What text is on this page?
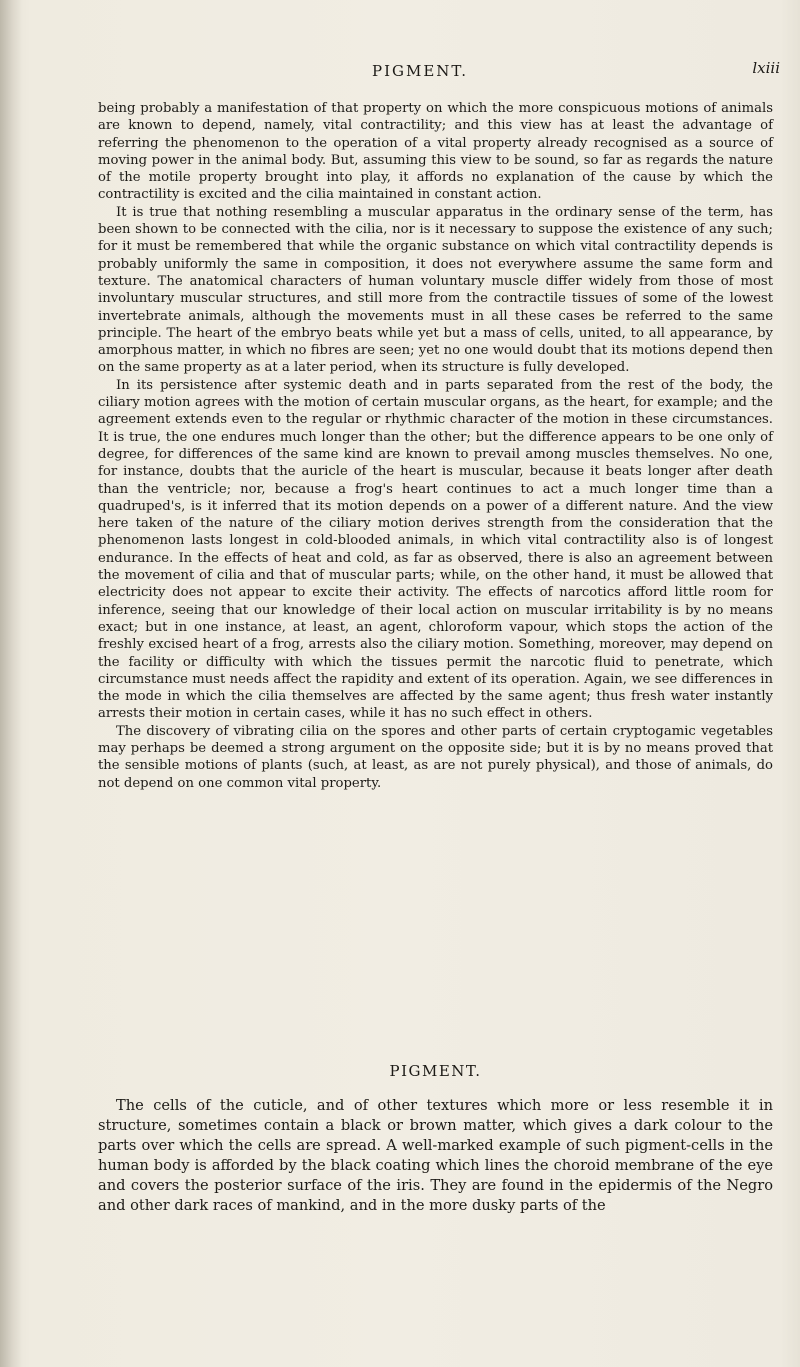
PIGMENT.	lxiii

being probably a manifestation of that property on which the more conspicuous motions of animals are known to depend, namely, vital contractility; and this view has at least the advantage of referring the phenomenon to the operation of a vital property already recognised as a source of moving power in the animal body. But, assuming this view to be sound, so far as regards the nature of the motile property brought into play, it affords no explanation of the cause by which the contractility is excited and the cilia maintained in constant action.

It is true that nothing resembling a muscular apparatus in the ordinary sense of the term, has been shown to be connected with the cilia, nor is it necessary to suppose the existence of any such; for it must be remembered that while the organic substance on which vital contractility depends is probably uniformly the same in composition, it does not everywhere assume the same form and texture. The anatomical characters of human voluntary muscle differ widely from those of most involuntary muscular structures, and still more from the contractile tissues of some of the lowest invertebrate animals, although the movements must in all these cases be referred to the same principle. The heart of the embryo beats while yet but a mass of cells, united, to all appearance, by amorphous matter, in which no fibres are seen; yet no one would doubt that its motions depend then on the same property as at a later period, when its structure is fully developed.

In its persistence after systemic death and in parts separated from the rest of the body, the ciliary motion agrees with the motion of certain muscular organs, as the heart, for example; and the agreement extends even to the regular or rhythmic character of the motion in these circumstances. It is true, the one endures much longer than the other; but the difference appears to be one only of degree, for differences of the same kind are known to prevail among muscles themselves. No one, for instance, doubts that the auricle of the heart is muscular, because it beats longer after death than the ventricle; nor, because a frog's heart continues to act a much longer time than a quadruped's, is it inferred that its motion depends on a power of a different nature. And the view here taken of the nature of the ciliary motion derives strength from the consideration that the phenomenon lasts longest in cold-blooded animals, in which vital contractility also is of longest endurance. In the effects of heat and cold, as far as observed, there is also an agreement between the movement of cilia and that of muscular parts; while, on the other hand, it must be allowed that electricity does not appear to excite their activity. The effects of narcotics afford little room for inference, seeing that our knowledge of their local action on muscular irritability is by no means exact; but in one instance, at least, an agent, chloroform vapour, which stops the action of the freshly excised heart of a frog, arrests also the ciliary motion. Something, moreover, may depend on the facility or difficulty with which the tissues permit the narcotic fluid to penetrate, which circumstance must needs affect the rapidity and extent of its operation. Again, we see differences in the mode in which the cilia themselves are affected by the same agent; thus fresh water instantly arrests their motion in certain cases, while it has no such effect in others.

The discovery of vibrating cilia on the spores and other parts of certain cryptogamic vegetables may perhaps be deemed a strong argument on the opposite side; but it is by no means proved that the sensible motions of plants (such, at least, as are not purely physical), and those of animals, do not depend on one common vital property.

PIGMENT.

The cells of the cuticle, and of other textures which more or less resemble it in structure, sometimes contain a black or brown matter, which gives a dark colour to the parts over which the cells are spread. A well-marked example of such pigment-cells in the human body is afforded by the black coating which lines the choroid membrane of the eye and covers the posterior surface of the iris. They are found in the epidermis of the Negro and other dark races of mankind, and in the more dusky parts of the
